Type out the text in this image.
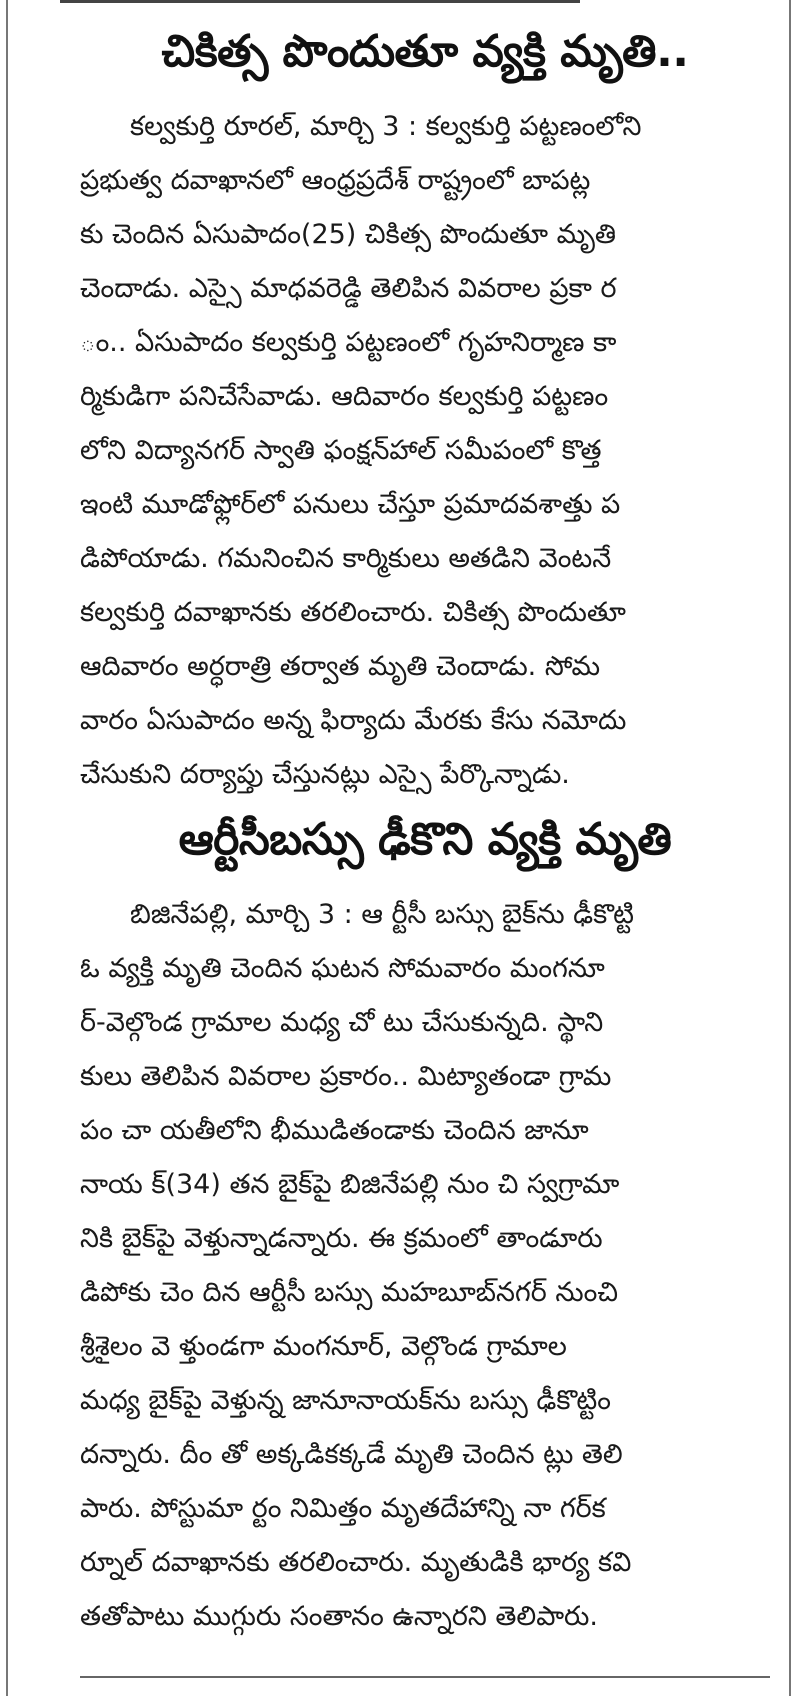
చికిత్స పొందుతూ వ్యక్తి మృతి..

కల్వకుర్తి రూరల్, మార్చి 3 : కల్వకుర్తి పట్టణంలోని
ప్రభుత్వ దవాఖానలో ఆంధ్రప్రదేశ్ రాష్ట్రంలో బాపట్ల
కు చెందిన ఏసుపాదం(25) చికిత్స పొందుతూ మృతి
చెందాడు. ఎస్సై మాధవరెడ్డి తెలిపిన వివరాల ప్రకా ర
ం.. ఏసుపాదం కల్వకుర్తి పట్టణంలో గృహనిర్మాణ కా
ర్మికుడిగా పనిచేసేవాడు. ఆదివారం కల్వకుర్తి పట్టణం
లోని విద్యానగర్ స్వాతి ఫంక్షన్‌హాల్ సమీపంలో కొత్త
ఇంటి మూడోఫ్లోర్‌లో పనులు చేస్తూ ప్రమాదవశాత్తు ప
డిపోయాడు. గమనించిన కార్మికులు అతడిని వెంటనే
కల్వకుర్తి దవాఖానకు తరలించారు. చికిత్స పొందుతూ
ఆదివారం అర్ధరాత్రి తర్వాత మృతి చెందాడు. సోమ
వారం ఏసుపాదం అన్న ఫిర్యాదు మేరకు కేసు నమోదు
చేసుకుని దర్యాప్తు చేస్తునట్లు ఎస్సై పేర్కొన్నాడు.

ఆర్టీసీబస్సు ఢీకొని వ్యక్తి మృతి

బిజినేపల్లి, మార్చి 3 : ఆ ర్టీసీ బస్సు బైక్‌ను ఢీకొట్టి
ఓ వ్యక్తి మృతి చెందిన ఘటన సోమవారం మంగనూ
ర్-వెల్గొండ గ్రామాల మధ్య చో టు చేసుకున్నది. స్థాని
కులు తెలిపిన వివరాల ప్రకారం.. మిట్యాతండా గ్రామ
పం చా యతీలోని భీముడితండాకు చెందిన జానూ
నాయ క్(34) తన బైక్‌పై బిజినేపల్లి నుం చి స్వగ్రామా
నికి బైక్‌పై వెళ్తున్నాడన్నారు. ఈ క్రమంలో తాండూరు
డిపోకు చెం దిన ఆర్టీసీ బస్సు మహబూబ్‌నగర్ నుంచి
శ్రీశైలం వె ళ్తుండగా మంగనూర్, వెల్గొండ గ్రామాల
మధ్య బైక్‌పై వెళ్తున్న జానూనాయక్‌ను బస్సు ఢీకొట్టిం
దన్నారు. దీం తో అక్కడికక్కడే మృతి చెందిన ట్లు తెలి
పారు. పోస్టుమా ర్టం నిమిత్తం మృతదేహాన్ని నా గర్‌క
ర్నూల్ దవాఖానకు తరలించారు. మృతుడికి భార్య కవి
తతోపాటు ముగ్గురు సంతానం ఉన్నారని తెలిపారు.
